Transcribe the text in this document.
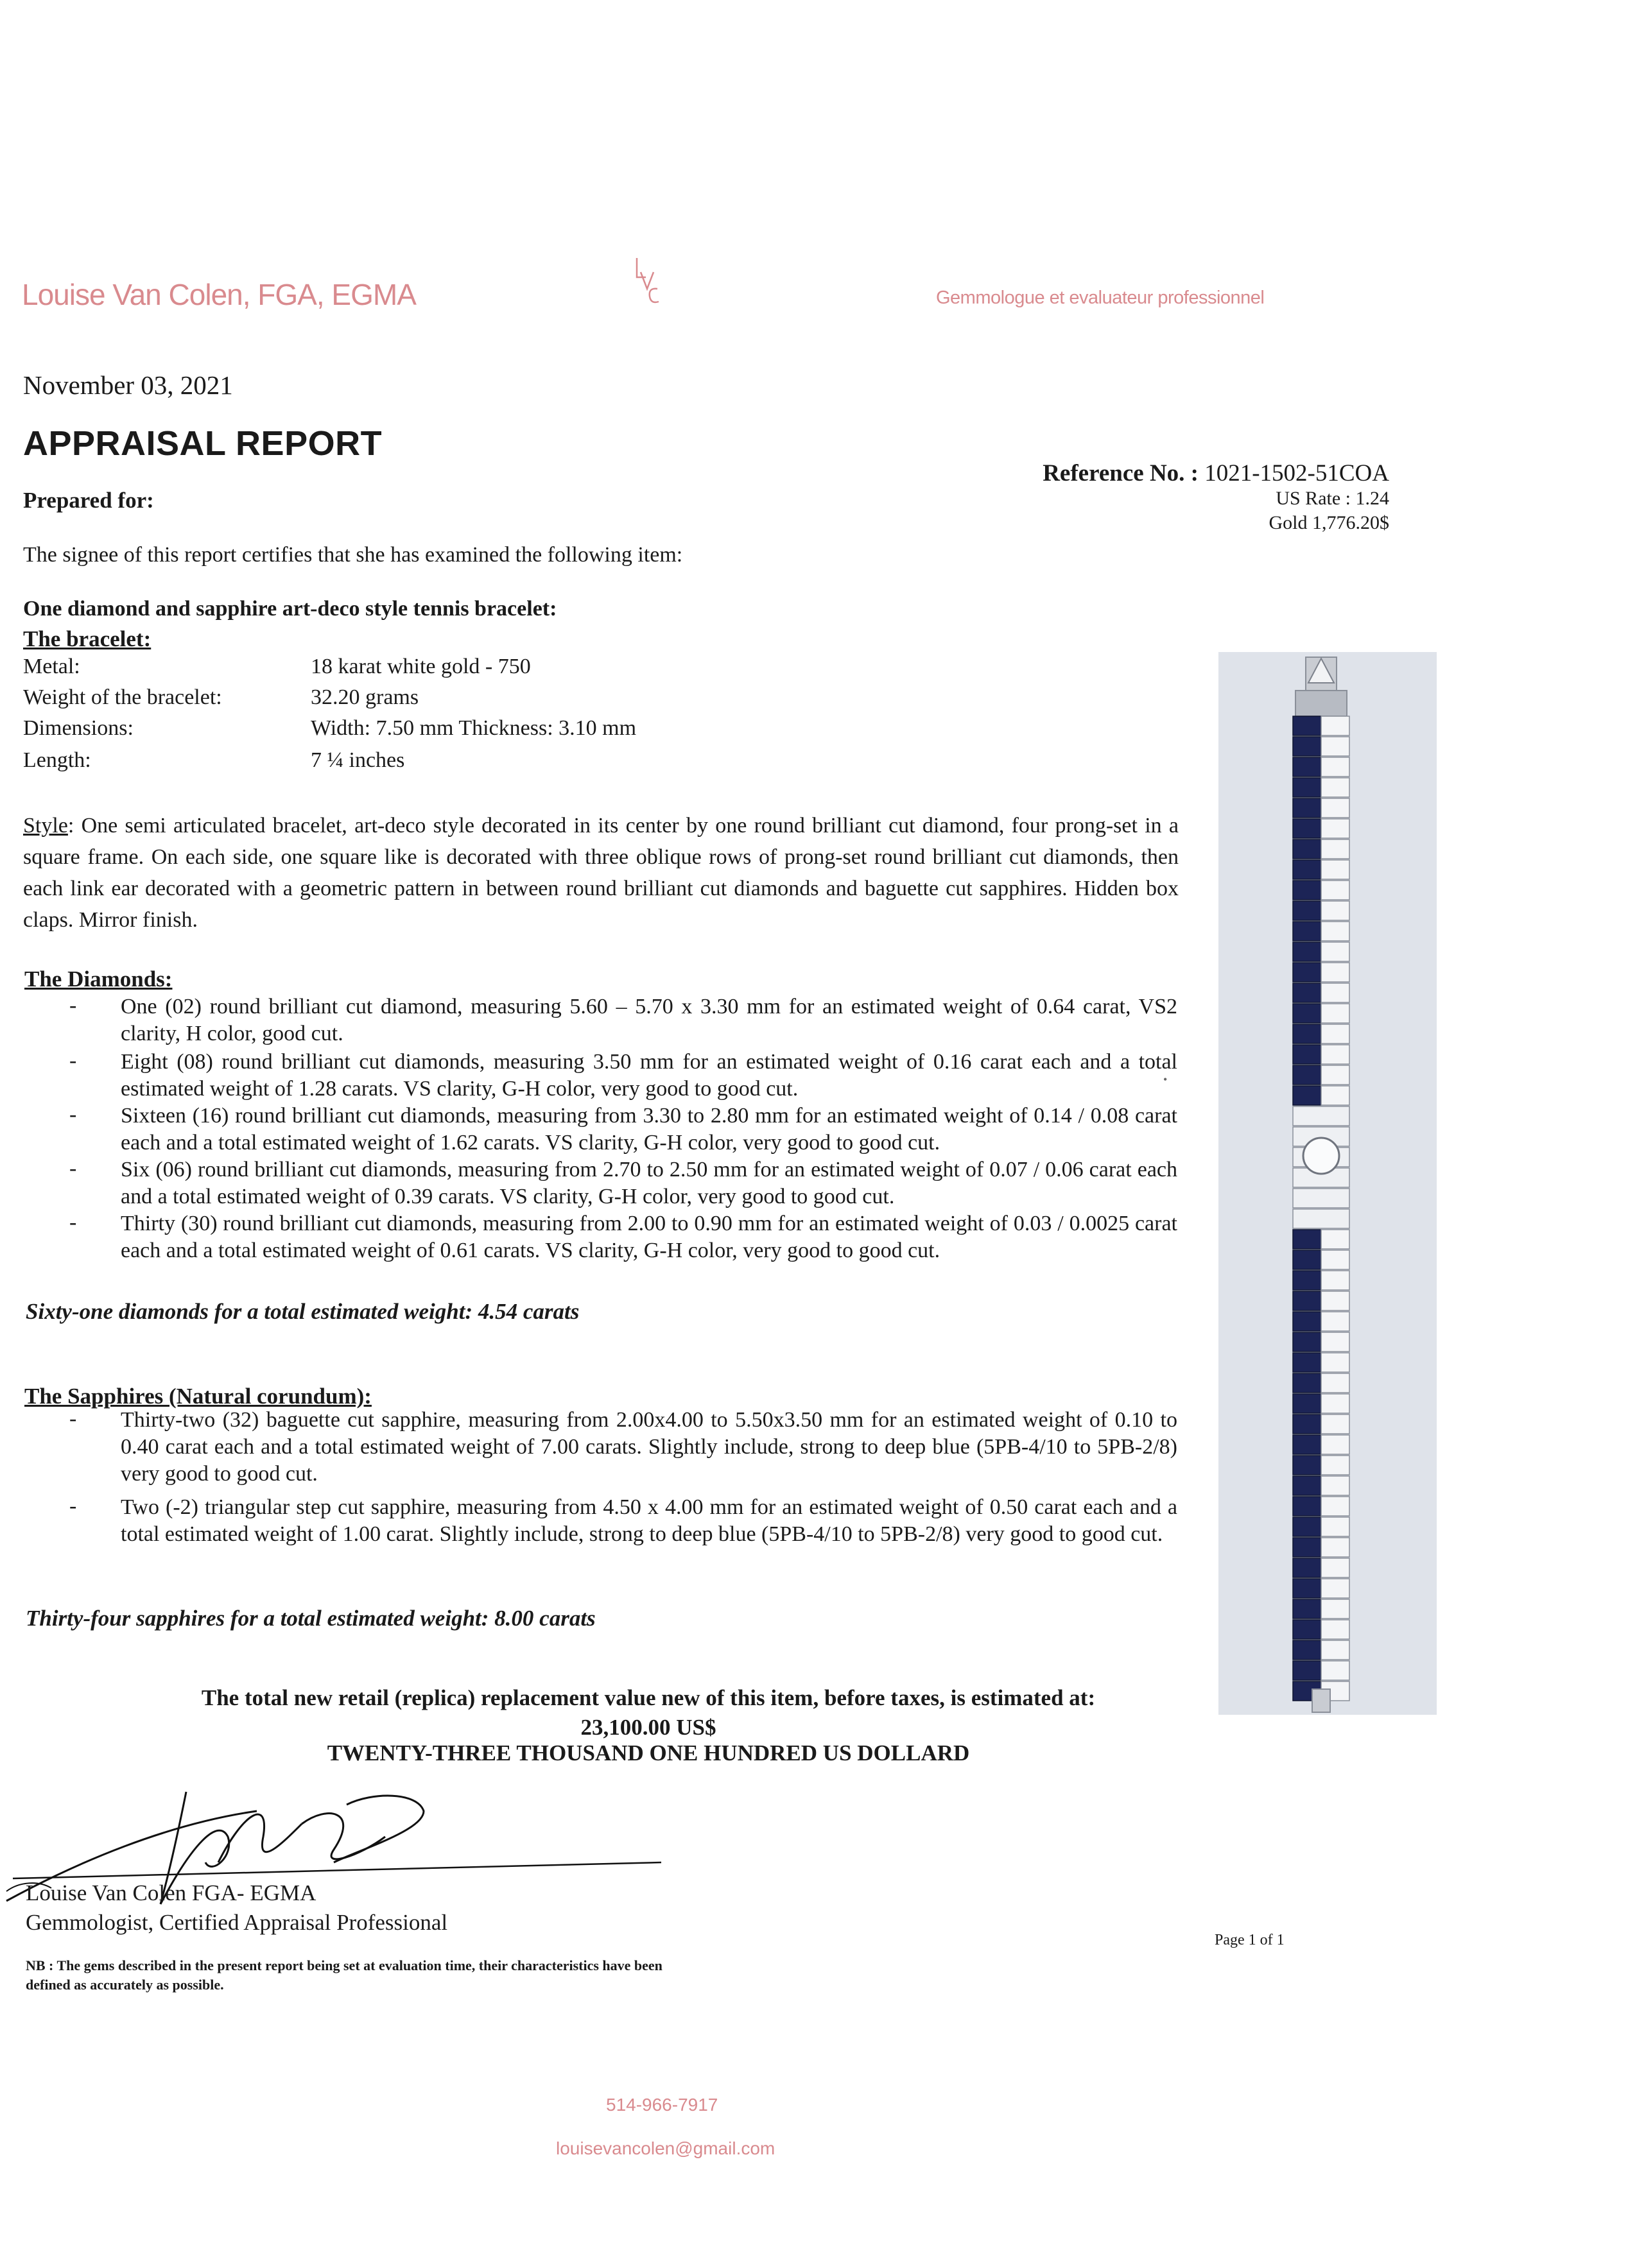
Louise Van Colen, FGA, EGMA	Gemmologue et evaluateur professionnel
November 03, 2021
APPRAISAL REPORT
Prepared for:
Reference No. : 1021-1502-51COA
US Rate : 1.24
Gold 1,776.20$
The signee of this report certifies that she has examined the following item:
One diamond and sapphire art-deco style tennis bracelet:
The bracelet:
Metal:	18 karat white gold - 750
Weight of the bracelet:	32.20 grams
Dimensions:	Width: 7.50 mm Thickness: 3.10 mm
Length:	7 ¼ inches
Style: One semi articulated bracelet, art-deco style decorated in its center by one round brilliant cut diamond, four prong-set in a square frame. On each side, one square like is decorated with three oblique rows of prong-set round brilliant cut diamonds, then each link ear decorated with a geometric pattern in between round brilliant cut diamonds and baguette cut sapphires. Hidden box claps. Mirror finish.
The Diamonds:
- One (02) round brilliant cut diamond, measuring 5.60 – 5.70 x 3.30 mm for an estimated weight of 0.64 carat, VS2 clarity, H color, good cut.
- Eight (08) round brilliant cut diamonds, measuring 3.50 mm for an estimated weight of 0.16 carat each and a total estimated weight of 1.28 carats. VS clarity, G-H color, very good to good cut.
- Sixteen (16) round brilliant cut diamonds, measuring from 3.30 to 2.80 mm for an estimated weight of 0.14 / 0.08 carat each and a total estimated weight of 1.62 carats. VS clarity, G-H color, very good to good cut.
- Six (06) round brilliant cut diamonds, measuring from 2.70 to 2.50 mm for an estimated weight of 0.07 / 0.06 carat each and a total estimated weight of 0.39 carats. VS clarity, G-H color, very good to good cut.
- Thirty (30) round brilliant cut diamonds, measuring from 2.00 to 0.90 mm for an estimated weight of 0.03 / 0.0025 carat each and a total estimated weight of 0.61 carats. VS clarity, G-H color, very good to good cut.
Sixty-one diamonds for a total estimated weight: 4.54 carats
The Sapphires (Natural corundum):
- Thirty-two (32) baguette cut sapphire, measuring from 2.00x4.00 to 5.50x3.50 mm for an estimated weight of 0.10 to 0.40 carat each and a total estimated weight of 7.00 carats. Slightly include, strong to deep blue (5PB-4/10 to 5PB-2/8) very good to good cut.
- Two (-2) triangular step cut sapphire, measuring from 4.50 x 4.00 mm for an estimated weight of 0.50 carat each and a total estimated weight of 1.00 carat. Slightly include, strong to deep blue (5PB-4/10 to 5PB-2/8) very good to good cut.
Thirty-four sapphires for a total estimated weight: 8.00 carats
The total new retail (replica) replacement value new of this item, before taxes, is estimated at:
23,100.00 US$
TWENTY-THREE THOUSAND ONE HUNDRED US DOLLARD
Louise Van Colen FGA- EGMA
Gemmologist, Certified Appraisal Professional
Page 1 of 1
NB : The gems described in the present report being set at evaluation time, their characteristics have been defined as accurately as possible.
514-966-7917
louisevancolen@gmail.com
•
